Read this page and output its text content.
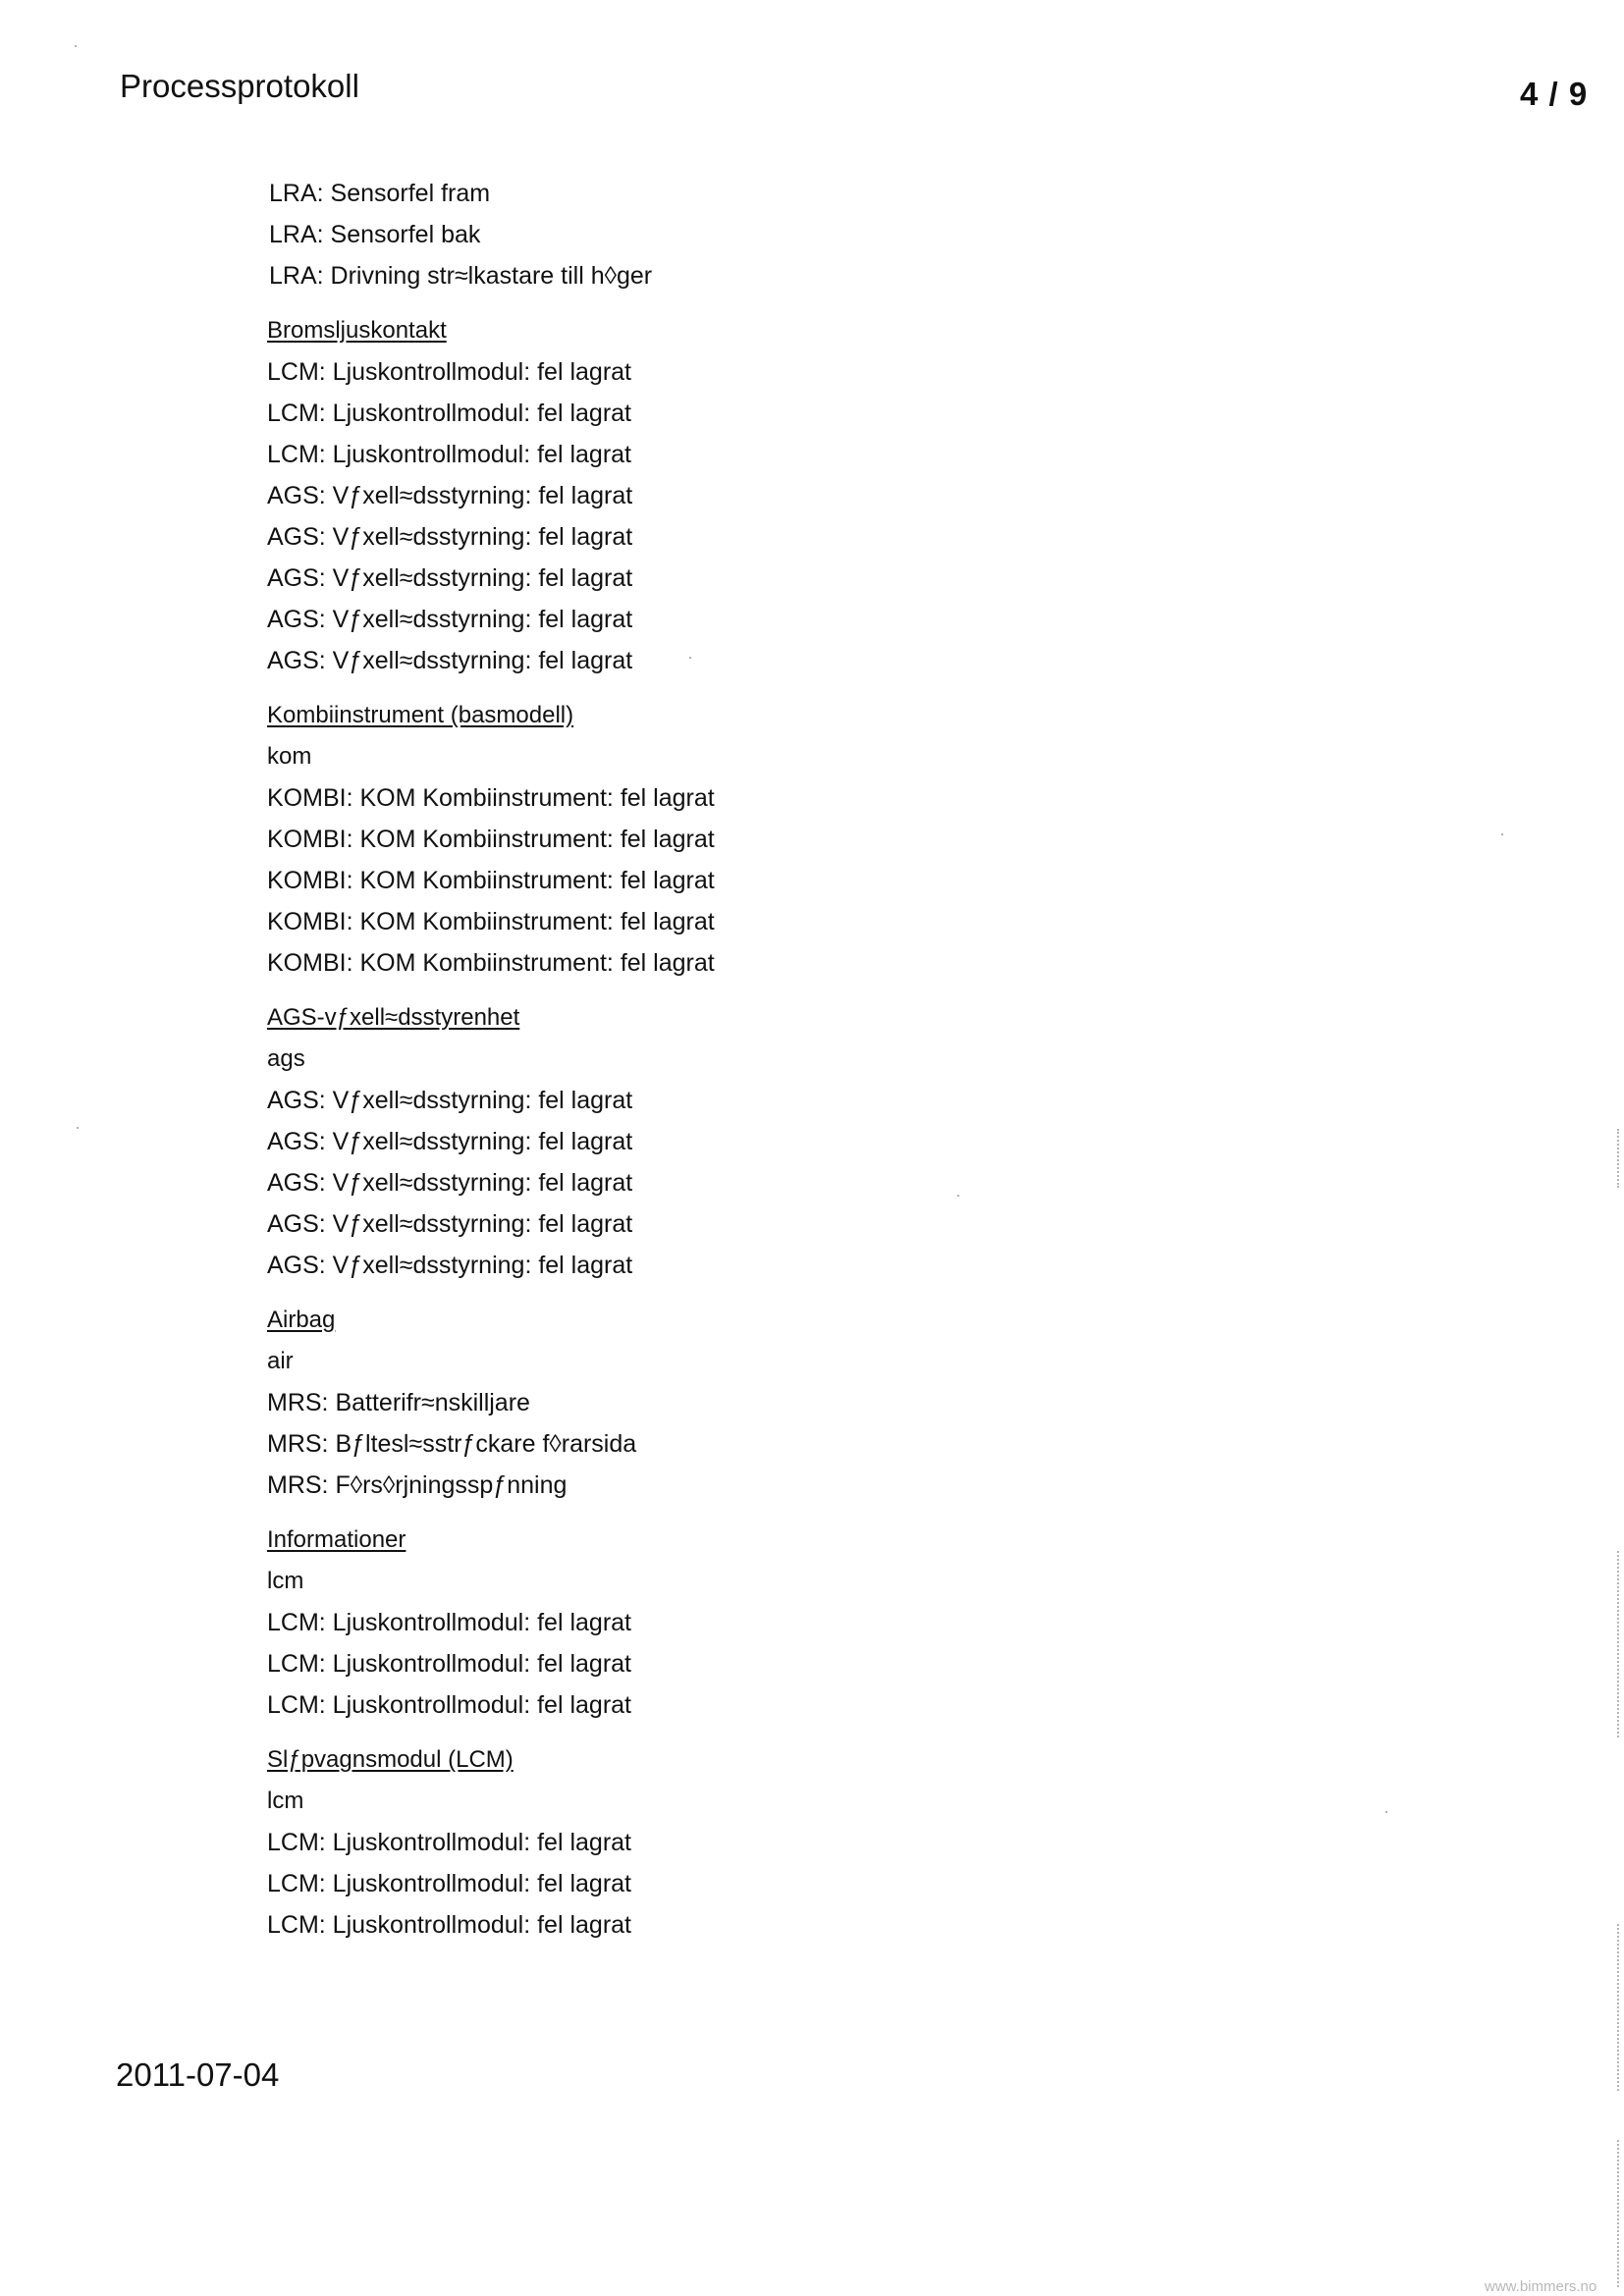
Processprotokoll	4 / 9
LRA: Sensorfel fram
LRA: Sensorfel bak
LRA: Drivning str≈lkastare till h◊ger
Bromsljuskontakt
LCM: Ljuskontrollmodul: fel lagrat
LCM: Ljuskontrollmodul: fel lagrat
LCM: Ljuskontrollmodul: fel lagrat
AGS: Vƒxell≈dsstyrning: fel lagrat
AGS: Vƒxell≈dsstyrning: fel lagrat
AGS: Vƒxell≈dsstyrning: fel lagrat
AGS: Vƒxell≈dsstyrning: fel lagrat
AGS: Vƒxell≈dsstyrning: fel lagrat
Kombiinstrument (basmodell)
kom
KOMBI: KOM Kombiinstrument: fel lagrat
KOMBI: KOM Kombiinstrument: fel lagrat
KOMBI: KOM Kombiinstrument: fel lagrat
KOMBI: KOM Kombiinstrument: fel lagrat
KOMBI: KOM Kombiinstrument: fel lagrat
AGS-vƒxell≈dsstyrenhet
ags
AGS: Vƒxell≈dsstyrning: fel lagrat
AGS: Vƒxell≈dsstyrning: fel lagrat
AGS: Vƒxell≈dsstyrning: fel lagrat
AGS: Vƒxell≈dsstyrning: fel lagrat
AGS: Vƒxell≈dsstyrning: fel lagrat
Airbag
air
MRS: Batterifr≈nskilljare
MRS: Bƒltesl≈sstrƒckare f◊rarsida
MRS: F◊rs◊rjningsspƒnning
Informationer
lcm
LCM: Ljuskontrollmodul: fel lagrat
LCM: Ljuskontrollmodul: fel lagrat
LCM: Ljuskontrollmodul: fel lagrat
Slƒpvagnsmodul (LCM)
lcm
LCM: Ljuskontrollmodul: fel lagrat
LCM: Ljuskontrollmodul: fel lagrat
LCM: Ljuskontrollmodul: fel lagrat
2011-07-04
www.bimmers.no
